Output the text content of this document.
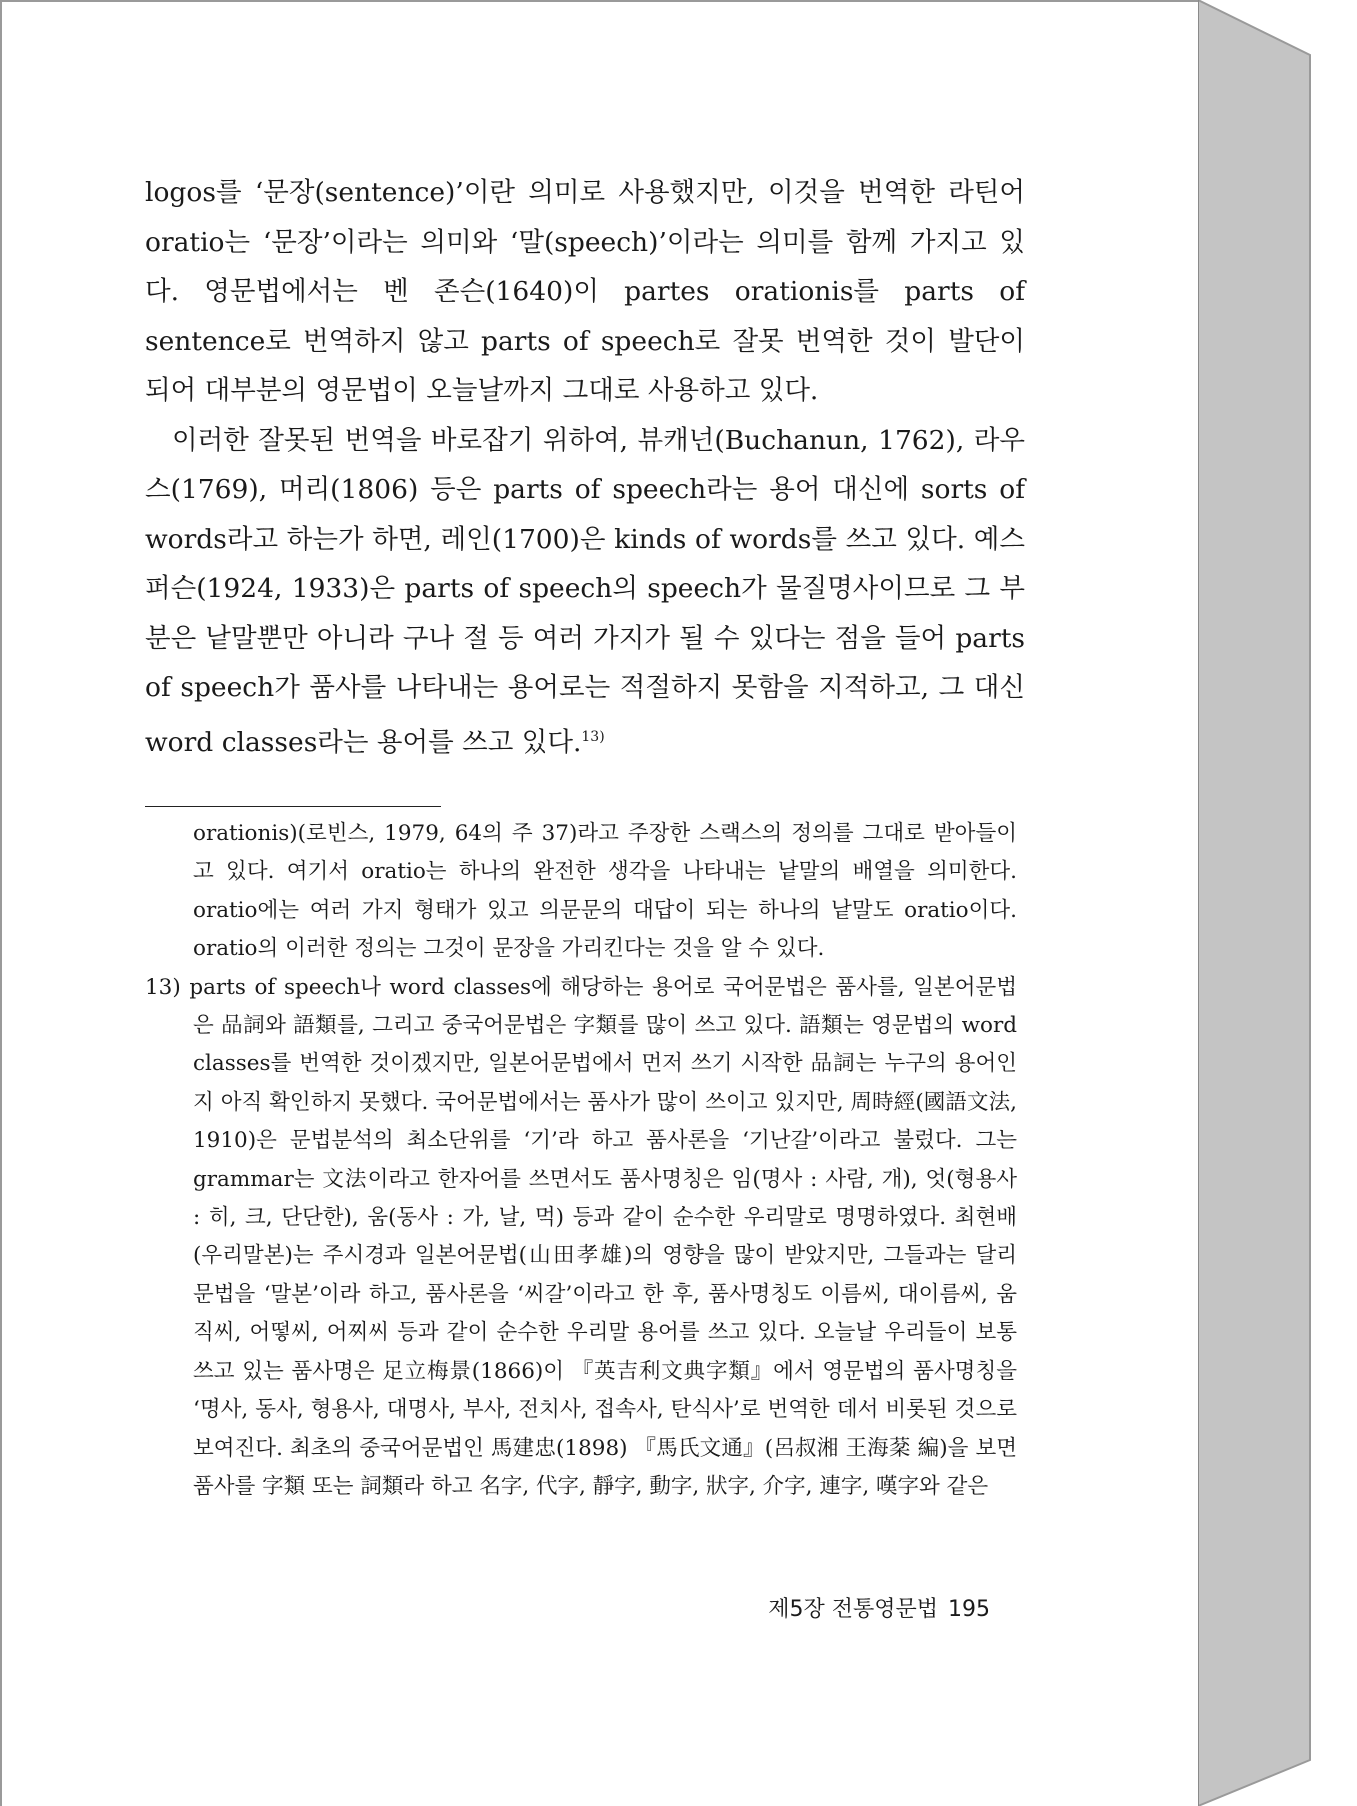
logos를 ‘문장(sentence)’이란 의미로 사용했지만, 이것을 번역한 라틴어 oratio는 ‘문장’이라는 의미와 ‘말(speech)’이라는 의미를 함께 가지고 있다. 영문법에서는 벤 존슨(1640)이 partes orationis를 parts of sentence로 번역하지 않고 parts of speech로 잘못 번역한 것이 발단이 되어 대부분의 영문법이 오늘날까지 그대로 사용하고 있다.

이러한 잘못된 번역을 바로잡기 위하여, 뷰캐넌(Buchanun, 1762), 라우스(1769), 머리(1806) 등은 parts of speech라는 용어 대신에 sorts of words라고 하는가 하면, 레인(1700)은 kinds of words를 쓰고 있다. 예스퍼슨(1924, 1933)은 parts of speech의 speech가 물질명사이므로 그 부분은 낱말뿐만 아니라 구나 절 등 여러 가지가 될 수 있다는 점을 들어 parts of speech가 품사를 나타내는 용어로는 적절하지 못함을 지적하고, 그 대신 word classes라는 용어를 쓰고 있다.$^{13)}$

orationis)(로빈스, 1979, 64의 주 37)라고 주장한 스랙스의 정의를 그대로 받아들이고 있다. 여기서 oratio는 하나의 완전한 생각을 나타내는 낱말의 배열을 의미한다. oratio에는 여러 가지 형태가 있고 의문문의 대답이 되는 하나의 낱말도 oratio이다. oratio의 이러한 정의는 그것이 문장을 가리킨다는 것을 알 수 있다.

13) parts of speech나 word classes에 해당하는 용어로 국어문법은 품사를, 일본어문법은 品詞와 語類를, 그리고 중국어문법은 字類를 많이 쓰고 있다. 語類는 영문법의 word classes를 번역한 것이겠지만, 일본어문법에서 먼저 쓰기 시작한 品詞는 누구의 용어인지 아직 확인하지 못했다. 국어문법에서는 품사가 많이 쓰이고 있지만, 周時經(國語文法, 1910)은 문법분석의 최소단위를 ‘기’라 하고 품사론을 ‘기난갈’이라고 불렀다. 그는 grammar는 文法이라고 한자어를 쓰면서도 품사명칭은 임(명사 : 사람, 개), 엇(형용사 : 히, 크, 단단한), 움(동사 : 가, 날, 먹) 등과 같이 순수한 우리말로 명명하였다. 최현배(우리말본)는 주시경과 일본어문법(山田孝雄)의 영향을 많이 받았지만, 그들과는 달리 문법을 ‘말본’이라 하고, 품사론을 ‘씨갈’이라고 한 후, 품사명칭도 이름씨, 대이름씨, 움직씨, 어떻씨, 어찌씨 등과 같이 순수한 우리말 용어를 쓰고 있다. 오늘날 우리들이 보통 쓰고 있는 품사명은 足立梅景(1866)이 『英吉利文典字類』에서 영문법의 품사명칭을 ‘명사, 동사, 형용사, 대명사, 부사, 전치사, 접속사, 탄식사’로 번역한 데서 비롯된 것으로 보여진다. 최초의 중국어문법인 馬建忠(1898) 『馬氏文通』(呂叔湘 王海棻 編)을 보면 품사를 字類 또는 詞類라 하고 名字, 代字, 靜字, 動字, 狀字, 介字, 連字, 嘆字와 같은

제5장 전통영문법 195
